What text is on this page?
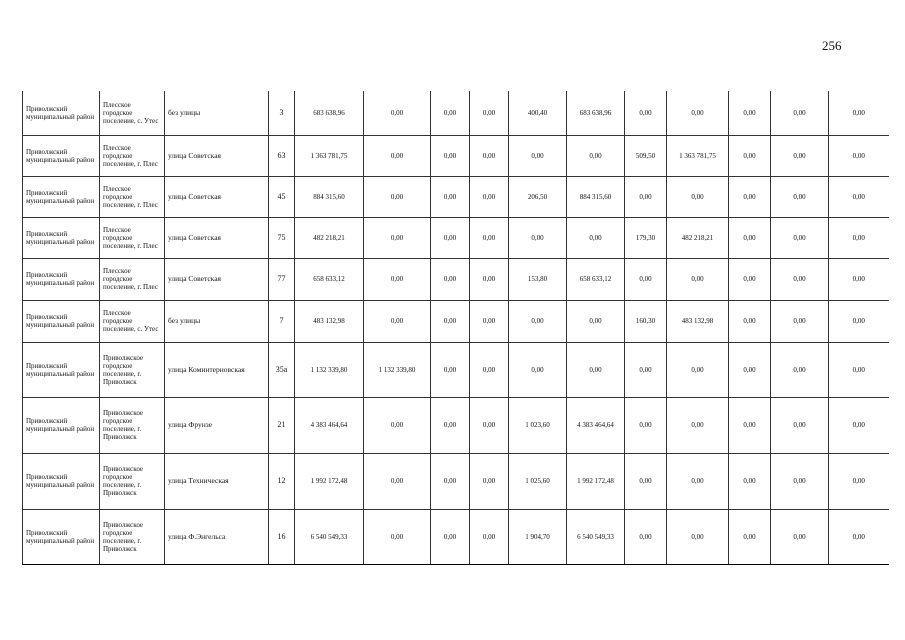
256
Приволжский муниципальный район	Плесское городское поселение, с. Утес	без улицы	3	683 638,96	0,00	0,00	0,00	400,40	683 638,96	0,00	0,00	0,00	0,00	0,00
Приволжский муниципальный район	Плесское городское поселение, г. Плес	улица Советская	63	1 363 781,75	0,00	0,00	0,00	0,00	0,00	509,50	1 363 781,75	0,00	0,00	0,00
Приволжский муниципальный район	Плесское городское поселение, г. Плес	улица Советская	45	884 315,60	0,00	0,00	0,00	206,50	884 315,60	0,00	0,00	0,00	0,00	0,00
Приволжский муниципальный район	Плесское городское поселение, г. Плес	улица Советская	75	482 218,21	0,00	0,00	0,00	0,00	0,00	179,30	482 218,21	0,00	0,00	0,00
Приволжский муниципальный район	Плесское городское поселение, г. Плес	улица Советская	77	658 633,12	0,00	0,00	0,00	153,80	658 633,12	0,00	0,00	0,00	0,00	0,00
Приволжский муниципальный район	Плесское городское поселение, с. Утес	без улицы	7	483 132,98	0,00	0,00	0,00	0,00	0,00	160,30	483 132,98	0,00	0,00	0,00
Приволжский муниципальный район	Приволжское городское поселение, г. Приволжск	улица Коминтерновская	35а	1 132 339,80	1 132 339,80	0,00	0,00	0,00	0,00	0,00	0,00	0,00	0,00	0,00
Приволжский муниципальный район	Приволжское городское поселение, г. Приволжск	улица Фрунзе	21	4 383 464,64	0,00	0,00	0,00	1 023,60	4 383 464,64	0,00	0,00	0,00	0,00	0,00
Приволжский муниципальный район	Приволжское городское поселение, г. Приволжск	улица Техническая	12	1 992 172,48	0,00	0,00	0,00	1 025,60	1 992 172,48	0,00	0,00	0,00	0,00	0,00
Приволжский муниципальный район	Приволжское городское поселение, г. Приволжск	улица Ф.Энгельса	16	6 540 549,33	0,00	0,00	0,00	1 904,70	6 540 549,33	0,00	0,00	0,00	0,00	0,00
